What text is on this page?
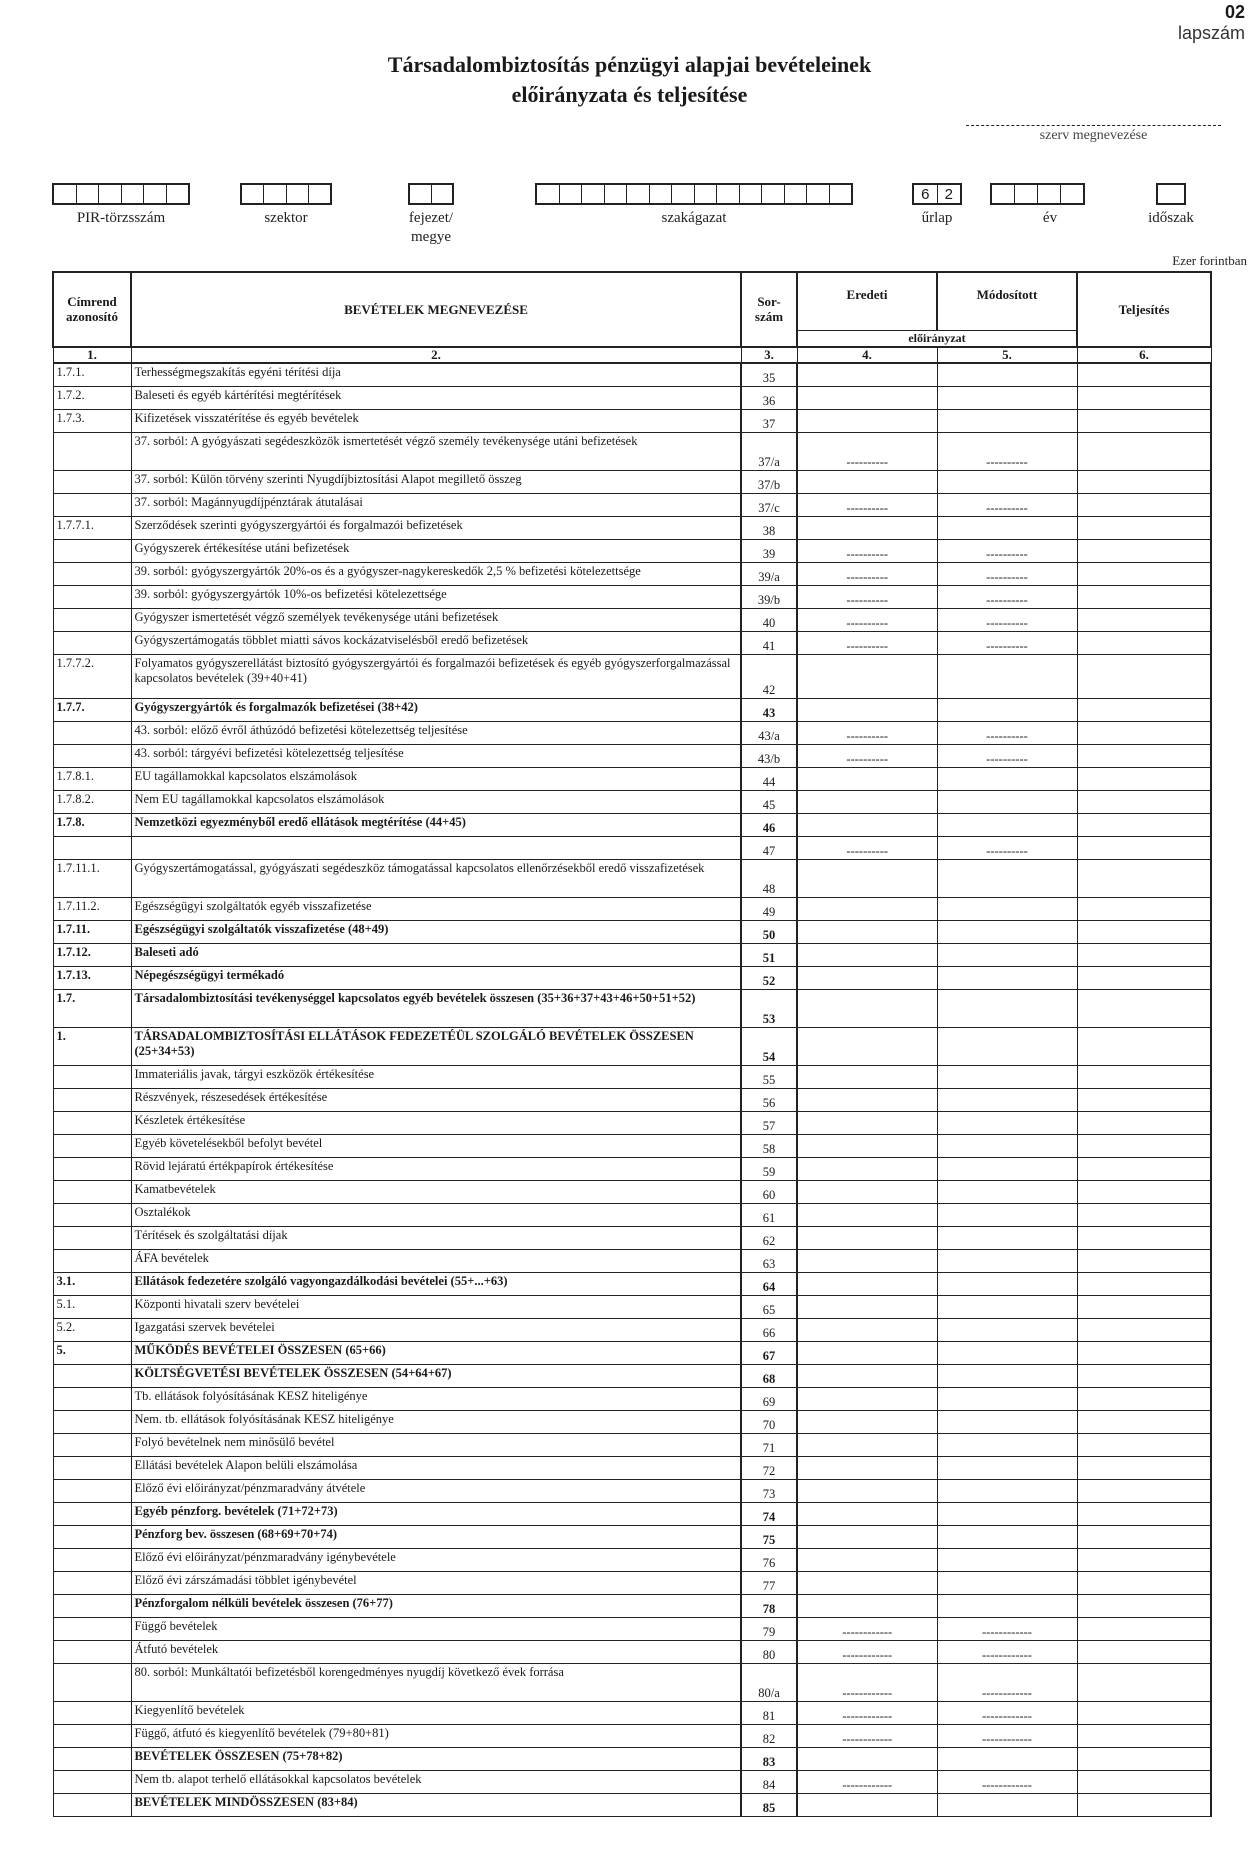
02
lapszám
Társadalombiztosítás pénzügyi alapjai bevételeinek
előirányzata és teljesítése
szerv megnevezése
PIR-törzsszám	szektor	fejezet/
megye
szakágazat
6	2
űrlap	év	időszak
Ezer forintban
Címrend azonosító	BEVÉTELEK MEGNEVEZÉSE	Sor- szám	Eredeti	Módosított	Teljesítés
			előirányzat		
1.	2.	3.	4.	5.	6.
1.7.1.	Terhességmegszakítás egyéni térítési díja	35			
1.7.2.	Baleseti és egyéb kártérítési megtérítések	36			
1.7.3.	Kifizetések visszatérítése és egyéb bevételek	37			
	37. sorból: A gyógyászati segédeszközök ismertetését végző személy tevékenysége utáni befizetések	37/a	----------	----------	
	37. sorból: Külön törvény szerinti Nyugdíjbiztosítási Alapot megillető összeg	37/b			
	37. sorból: Magánnyugdíjpénztárak átutalásai	37/c	----------	----------	
1.7.7.1.	Szerződések szerinti gyógyszergyártói és forgalmazói befizetések	38			
	Gyógyszerek értékesítése utáni befizetések	39	----------	----------	
	39. sorból: gyógyszergyártók 20%-os és a gyógyszer-nagykereskedők 2,5 % befizetési kötelezettsége	39/a	----------	----------	
	39. sorból: gyógyszergyártók 10%-os befizetési kötelezettsége	39/b	----------	----------	
	Gyógyszer ismertetését végző személyek tevékenysége utáni befizetések	40	----------	----------	
	Gyógyszertámogatás többlet miatti sávos kockázatviselésből eredő befizetések	41	----------	----------	
1.7.7.2.	Folyamatos gyógyszerellátást biztosító gyógyszergyártói és forgalmazói befizetések és egyéb gyógyszerforgalmazással kapcsolatos bevételek (39+40+41)	42			
1.7.7.	Gyógyszergyártók és forgalmazók befizetései (38+42)	43			
	43. sorból: előző évről áthúzódó befizetési kötelezettség teljesítése	43/a	----------	----------	
	43. sorból: tárgyévi befizetési kötelezettség teljesítése	43/b	----------	----------	
1.7.8.1.	EU tagállamokkal kapcsolatos elszámolások	44			
1.7.8.2.	Nem EU tagállamokkal kapcsolatos elszámolások	45			
1.7.8.	Nemzetközi egyezményből eredő ellátások megtérítése (44+45)	46			
		47	----------	----------	
1.7.11.1.	Gyógyszertámogatással, gyógyászati segédeszköz támogatással kapcsolatos ellenőrzésekből eredő visszafizetések	48			
1.7.11.2.	Egészségügyi szolgáltatók egyéb visszafizetése	49			
1.7.11.	Egészségügyi szolgáltatók visszafizetése (48+49)	50			
1.7.12.	Baleseti adó	51			
1.7.13.	Népegészségügyi termékadó	52			
1.7.	Társadalombiztosítási tevékenységgel kapcsolatos egyéb bevételek összesen (35+36+37+43+46+50+51+52)	53			
1.	TÁRSADALOMBIZTOSÍTÁSI ELLÁTÁSOK FEDEZETÉÜL SZOLGÁLÓ BEVÉTELEK ÖSSZESEN (25+34+53)	54			
	Immateriális javak, tárgyi eszközök értékesítése	55			
	Részvények, részesedések értékesítése	56			
	Készletek értékesítése	57			
	Egyéb követelésekből befolyt bevétel	58			
	Rövid lejáratú értékpapírok értékesítése	59			
	Kamatbevételek	60			
	Osztalékok	61			
	Térítések és szolgáltatási díjak	62			
	ÁFA bevételek	63			
3.1.	Ellátások fedezetére szolgáló vagyongazdálkodási bevételei (55+...+63)	64			
5.1.	Központi hivatali szerv bevételei	65			
5.2.	Igazgatási szervek bevételei	66			
5.	MŰKÖDÉS BEVÉTELEI ÖSSZESEN (65+66)	67			
	KÖLTSÉGVETÉSI BEVÉTELEK ÖSSZESEN (54+64+67)	68			
	Tb. ellátások folyósításának KESZ hiteligénye	69			
	Nem. tb. ellátások folyósításának KESZ hiteligénye	70			
	Folyó bevételnek nem minősülő bevétel	71			
	Ellátási bevételek Alapon belüli elszámolása	72			
	Előző évi előirányzat/pénzmaradvány átvétele	73			
	Egyéb pénzforg. bevételek (71+72+73)	74			
	Pénzforg bev. összesen (68+69+70+74)	75			
	Előző évi előirányzat/pénzmaradvány igénybevétele	76			
	Előző évi zárszámadási többlet igénybevétel	77			
	Pénzforgalom nélküli bevételek összesen (76+77)	78			
	Függő bevételek	79	------------	------------	
	Átfutó bevételek	80	------------	------------	
	80. sorból: Munkáltatói befizetésből korengedményes nyugdíj következő évek forrása	80/a	------------	------------	
	Kiegyenlítő bevételek	81	------------	------------	
	Függő, átfutó és kiegyenlítő bevételek (79+80+81)	82	------------	------------	
	BEVÉTELEK ÖSSZESEN (75+78+82)	83			
	Nem tb. alapot terhelő ellátásokkal kapcsolatos bevételek	84	------------	------------	
	BEVÉTELEK MINDÖSSZESEN (83+84)	85			
